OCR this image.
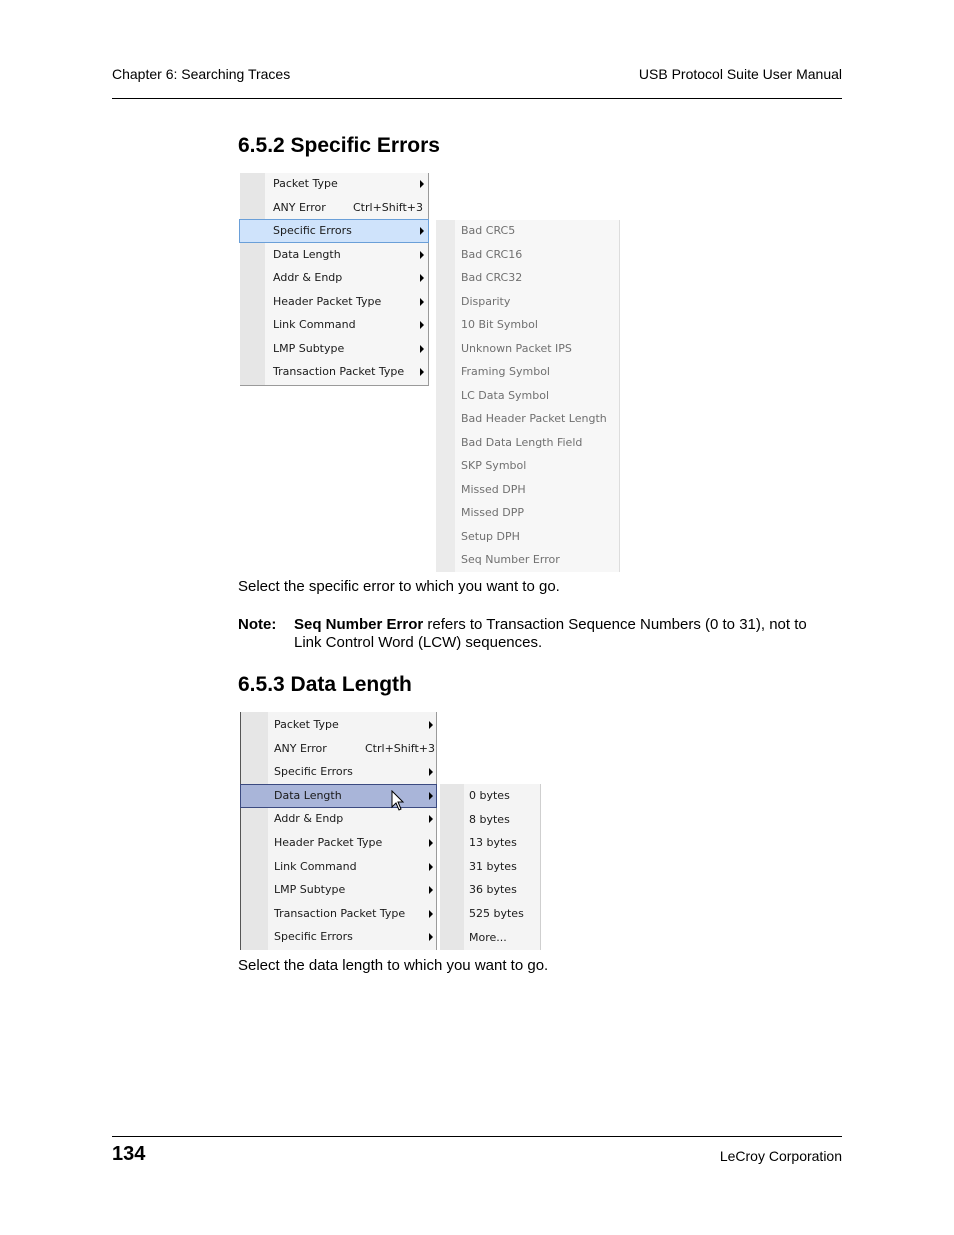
Chapter 6: Searching Traces	USB Protocol Suite User Manual
6.5.2 Specific Errors
Packet Type
ANY Error Ctrl+Shift+3
Specific Errors
Data Length
Addr & Endp
Header Packet Type
Link Command
LMP Subtype
Transaction Packet Type
Bad CRC5
Bad CRC16
Bad CRC32
Disparity
10 Bit Symbol
Unknown Packet IPS
Framing Symbol
LC Data Symbol
Bad Header Packet Length
Bad Data Length Field
SKP Symbol
Missed DPH
Missed DPP
Setup DPH
Seq Number Error
Select the specific error to which you want to go.
Note: Seq Number Error refers to Transaction Sequence Numbers (0 to 31), not to Link Control Word (LCW) sequences.
6.5.3 Data Length
Packet Type
ANY Error	Ctrl+Shift+3
Specific Errors
Data Length
Addr & Endp
Header Packet Type
Link Command
LMP Subtype
Transaction Packet Type
Specific Errors
0 bytes
8 bytes
13 bytes
31 bytes
36 bytes
525 bytes
More...
Select the data length to which you want to go.
134	LeCroy Corporation
